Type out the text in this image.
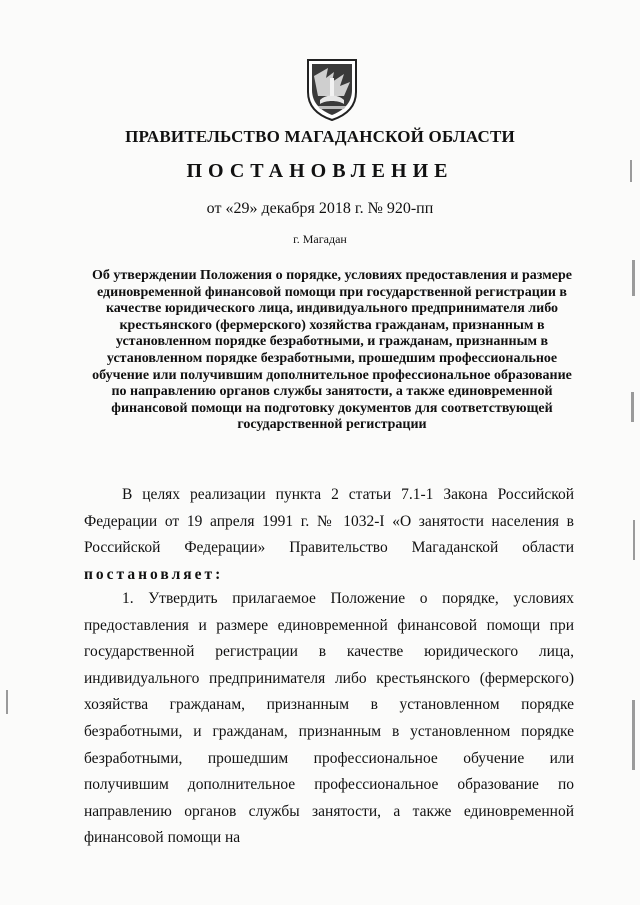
ПРАВИТЕЛЬСТВО МАГАДАНСКОЙ ОБЛАСТИ
ПОСТАНОВЛЕНИЕ
от «29» декабря 2018 г. № 920-пп
г. Магадан
Об утверждении Положения о порядке, условиях предоставления и размере единовременной финансовой помощи при государственной регистрации в качестве юридического лица, индивидуального предпринимателя либо крестьянского (фермерского) хозяйства гражданам, признанным в установленном порядке безработными, и гражданам, признанным в установленном порядке безработными, прошедшим профессиональное обучение или получившим дополнительное профессиональное образование по направлению органов службы занятости, а также единовременной финансовой помощи на подготовку документов для соответствующей государственной регистрации
В целях реализации пункта 2 статьи 7.1-1 Закона Российской Федерации от 19 апреля 1991 г. № 1032-I «О занятости населения в Российской Федерации» Правительство Магаданской области постановляет:
1. Утвердить прилагаемое Положение о порядке, условиях предоставления и размере единовременной финансовой помощи при государственной регистрации в качестве юридического лица, индивидуального предпринимателя либо крестьянского (фермерского) хозяйства гражданам, признанным в установленном порядке безработными, и гражданам, признанным в установленном порядке безработными, прошедшим профессиональное обучение или получившим дополнительное профессиональное образование по направлению органов службы занятости, а также единовременной финансовой помощи на
